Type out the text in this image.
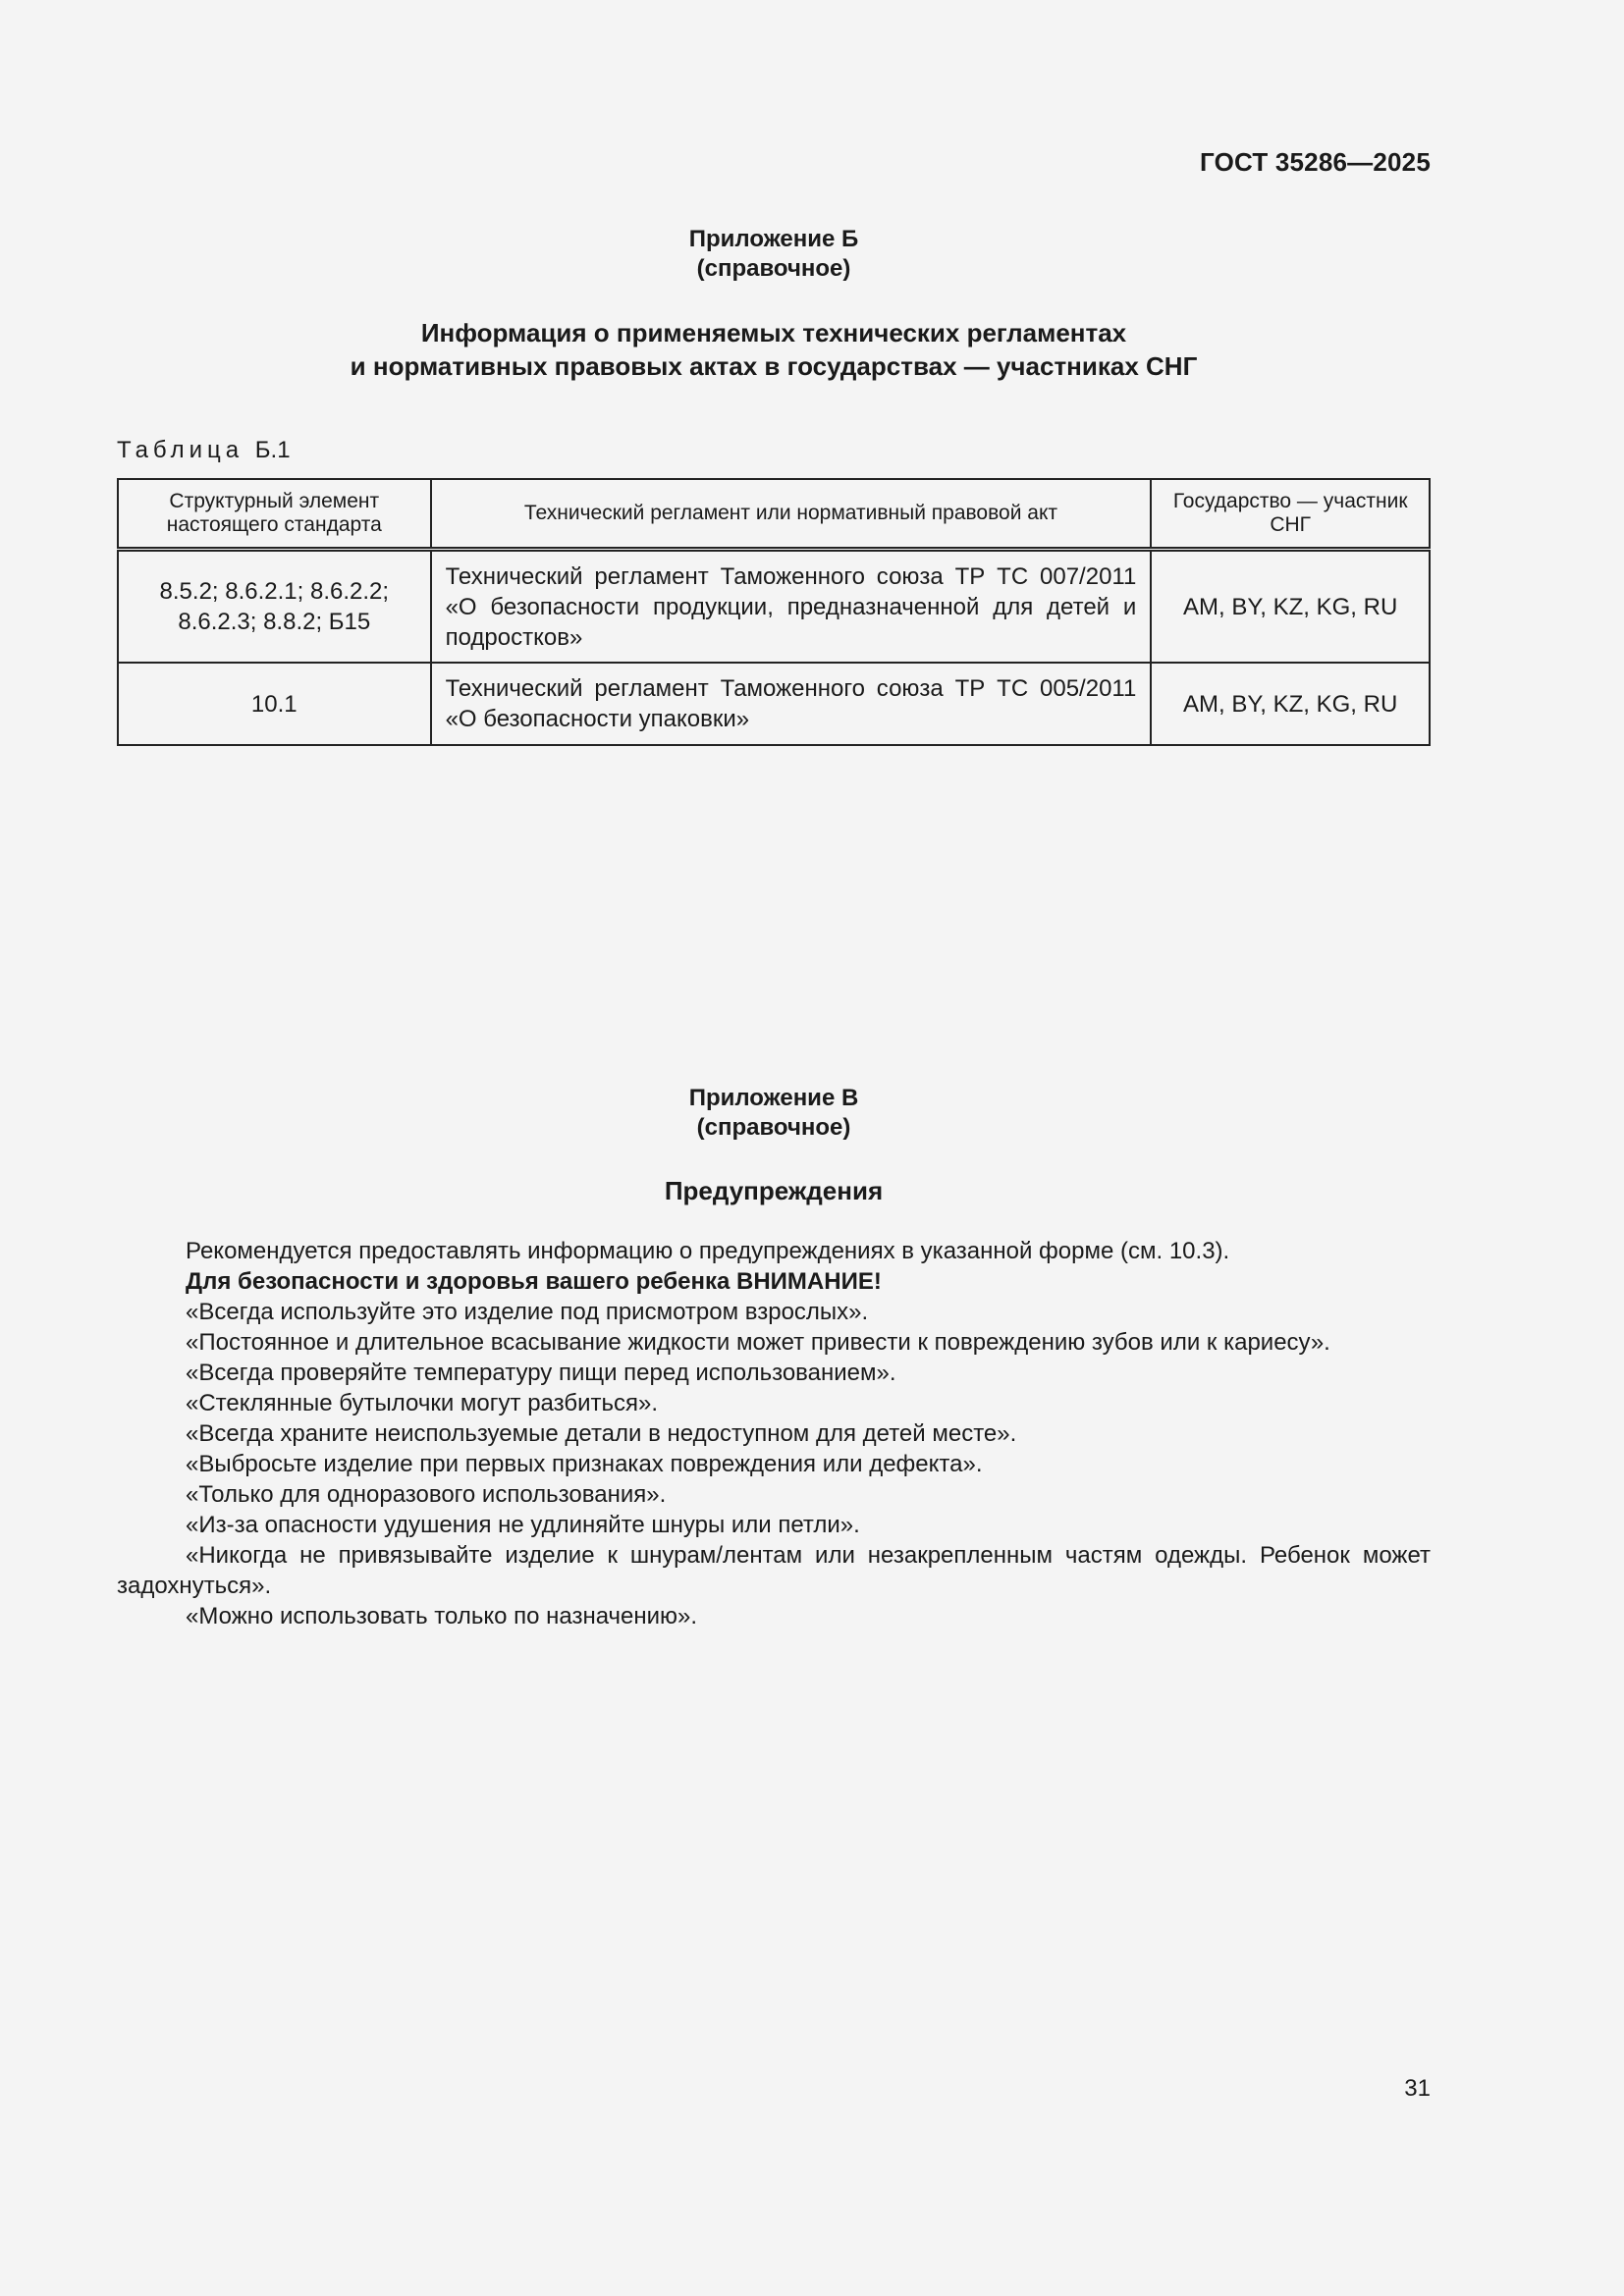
ГОСТ 35286—2025
Приложение Б
(справочное)
Информация о применяемых технических регламентах
и нормативных правовых актах в государствах — участниках СНГ
Таблица Б.1
Структурный элемент настоящего стандарта	Технический регламент или нормативный правовой акт	Государство — участник СНГ
8.5.2; 8.6.2.1; 8.6.2.2; 8.6.2.3; 8.8.2; Б15	Технический регламент Таможенного союза ТР ТС 007/2011 «О безопасности продукции, предназначенной для детей и подростков»	AM, BY, KZ, KG, RU
10.1	Технический регламент Таможенного союза ТР ТС 005/2011 «О безопасности упаковки»	AM, BY, KZ, KG, RU
Приложение В
(справочное)
Предупреждения

Рекомендуется предоставлять информацию о предупреждениях в указанной форме (см. 10.3).

Для безопасности и здоровья вашего ребенка ВНИМАНИЕ!

«Всегда используйте это изделие под присмотром взрослых».

«Постоянное и длительное всасывание жидкости может привести к повреждению зубов или к кариесу».

«Всегда проверяйте температуру пищи перед использованием».

«Стеклянные бутылочки могут разбиться».

«Всегда храните неиспользуемые детали в недоступном для детей месте».

«Выбросьте изделие при первых признаках повреждения или дефекта».

«Только для одноразового использования».

«Из-за опасности удушения не удлиняйте шнуры или петли».

«Никогда не привязывайте изделие к шнурам/лентам или незакрепленным частям одежды. Ребенок может задохнуться».

«Можно использовать только по назначению».

31
